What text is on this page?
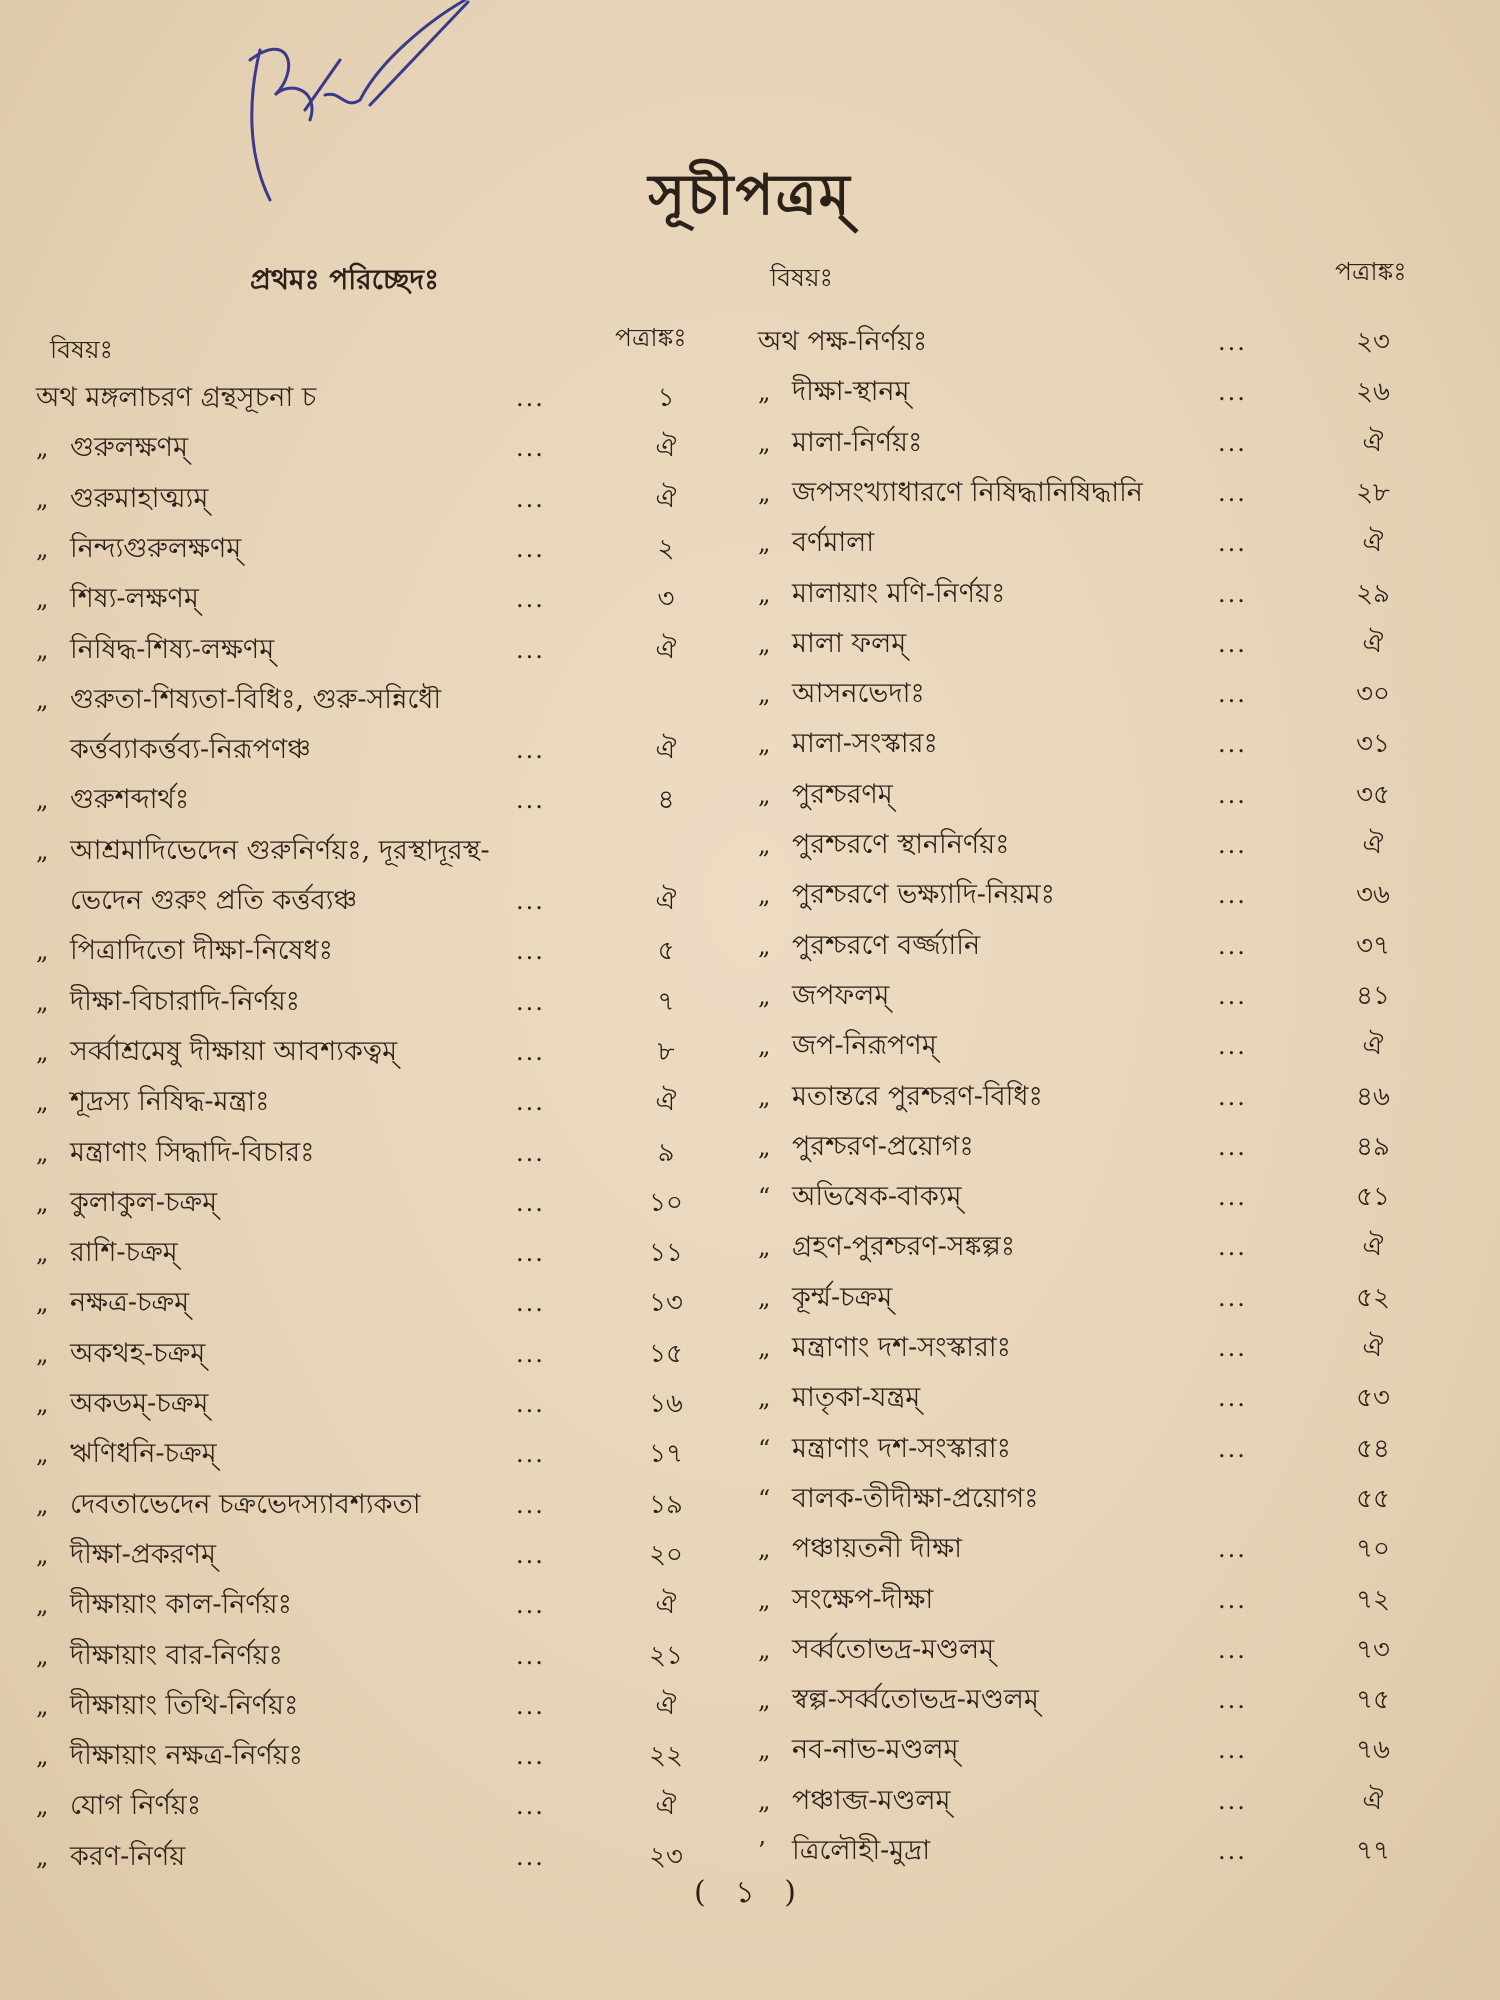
সূচীপত্রম্
প্রথমঃ পরিচ্ছেদঃ
বিষয়ঃ	পত্রাঙ্কঃ
বিষয়ঃ	পত্রাঙ্কঃ
অথ মঙ্গলাচরণ গ্রন্থসূচনা চ	...	১
„ গুরুলক্ষণম্	...	ঐ
„ গুরুমাহাত্ম্যম্	...	ঐ
„ নিন্দ্যগুরুলক্ষণম্	...	২
„ শিষ্য-লক্ষণম্	...	৩
„ নিষিদ্ধ-শিষ্য-লক্ষণম্	...	ঐ
„ গুরুতা-শিষ্যতা-বিধিঃ, গুরু-সন্নিধৌ
কর্ত্তব্যাকর্ত্তব্য-নিরূপণঞ্চ	...	ঐ
„ গুরুশব্দার্থঃ	...	৪
„ আশ্রমাদিভেদেন গুরুনির্ণয়ঃ, দূরস্থাদূরস্থ-
ভেদেন গুরুং প্রতি কর্ত্তব্যঞ্চ	...	ঐ
„ পিত্রাদিতো দীক্ষা-নিষেধঃ	...	৫
„ দীক্ষা-বিচারাদি-নির্ণয়ঃ	...	৭
„ সর্ব্বাশ্রমেষু দীক্ষায়া আবশ্যকত্বম্	...	৮
„ শূদ্রস্য নিষিদ্ধ-মন্ত্রাঃ	...	ঐ
„ মন্ত্রাণাং সিদ্ধাদি-বিচারঃ	...	৯
„ কুলাকুল-চক্রম্	...	১০
„ রাশি-চক্রম্	...	১১
„ নক্ষত্র-চক্রম্	...	১৩
„ অকথহ-চক্রম্	...	১৫
„ অকডম্-চক্রম্	...	১৬
„ ঋণিধনি-চক্রম্	...	১৭
„ দেবতাভেদেন চক্রভেদস্যাবশ্যকতা	...	১৯
„ দীক্ষা-প্রকরণম্	...	২০
„ দীক্ষায়াং কাল-নির্ণয়ঃ	...	ঐ
„ দীক্ষায়াং বার-নির্ণয়ঃ	...	২১
„ দীক্ষায়াং তিথি-নির্ণয়ঃ	...	ঐ
„ দীক্ষায়াং নক্ষত্র-নির্ণয়ঃ	...	২২
„ যোগ নির্ণয়ঃ	...	ঐ
„ করণ-নির্ণয়	...	২৩
অথ পক্ষ-নির্ণয়ঃ	...	২৩
„ দীক্ষা-স্থানম্	...	২৬
„ মালা-নির্ণয়ঃ	...	ঐ
„ জপসংখ্যাধারণে নিষিদ্ধানিষিদ্ধানি	...	২৮
„ বর্ণমালা	...	ঐ
„ মালায়াং মণি-নির্ণয়ঃ	...	২৯
„ মালা ফলম্	...	ঐ
„ আসনভেদাঃ	...	৩০
„ মালা-সংস্কারঃ	...	৩১
„ পুরশ্চরণম্	...	৩৫
„ পুরশ্চরণে স্থাননির্ণয়ঃ	...	ঐ
„ পুরশ্চরণে ভক্ষ্যাদি-নিয়মঃ	...	৩৬
„ পুরশ্চরণে বর্জ্জ্যানি	...	৩৭
„ জপফলম্	...	৪১
„ জপ-নিরূপণম্	...	ঐ
„ মতান্তরে পুরশ্চরণ-বিধিঃ	...	৪৬
„ পুরশ্চরণ-প্রয়োগঃ	...	৪৯
“ অভিষেক-বাক্যম্	...	৫১
„ গ্রহণ-পুরশ্চরণ-সঙ্কল্পঃ	...	ঐ
„ কূর্ম্ম-চক্রম্	...	৫২
„ মন্ত্রাণাং দশ-সংস্কারাঃ	...	ঐ
„ মাতৃকা-যন্ত্রম্	...	৫৩
“ মন্ত্রাণাং দশ-সংস্কারাঃ	...	৫৪
“ বালক-তীদীক্ষা-প্রয়োগঃ	৫৫
„ পঞ্চায়তনী দীক্ষা	...	৭০
„ সংক্ষেপ-দীক্ষা	...	৭২
„ সর্ব্বতোভদ্র-মণ্ডলম্	...	৭৩
„ স্বল্প-সর্ব্বতোভদ্র-মণ্ডলম্	...	৭৫
„ নব-নাভ-মণ্ডলম্	...	৭৬
„ পঞ্চাব্জ-মণ্ডলম্	...	ঐ
’ ত্রিলৌহী-মুদ্রা	...	৭৭
( ১ )
